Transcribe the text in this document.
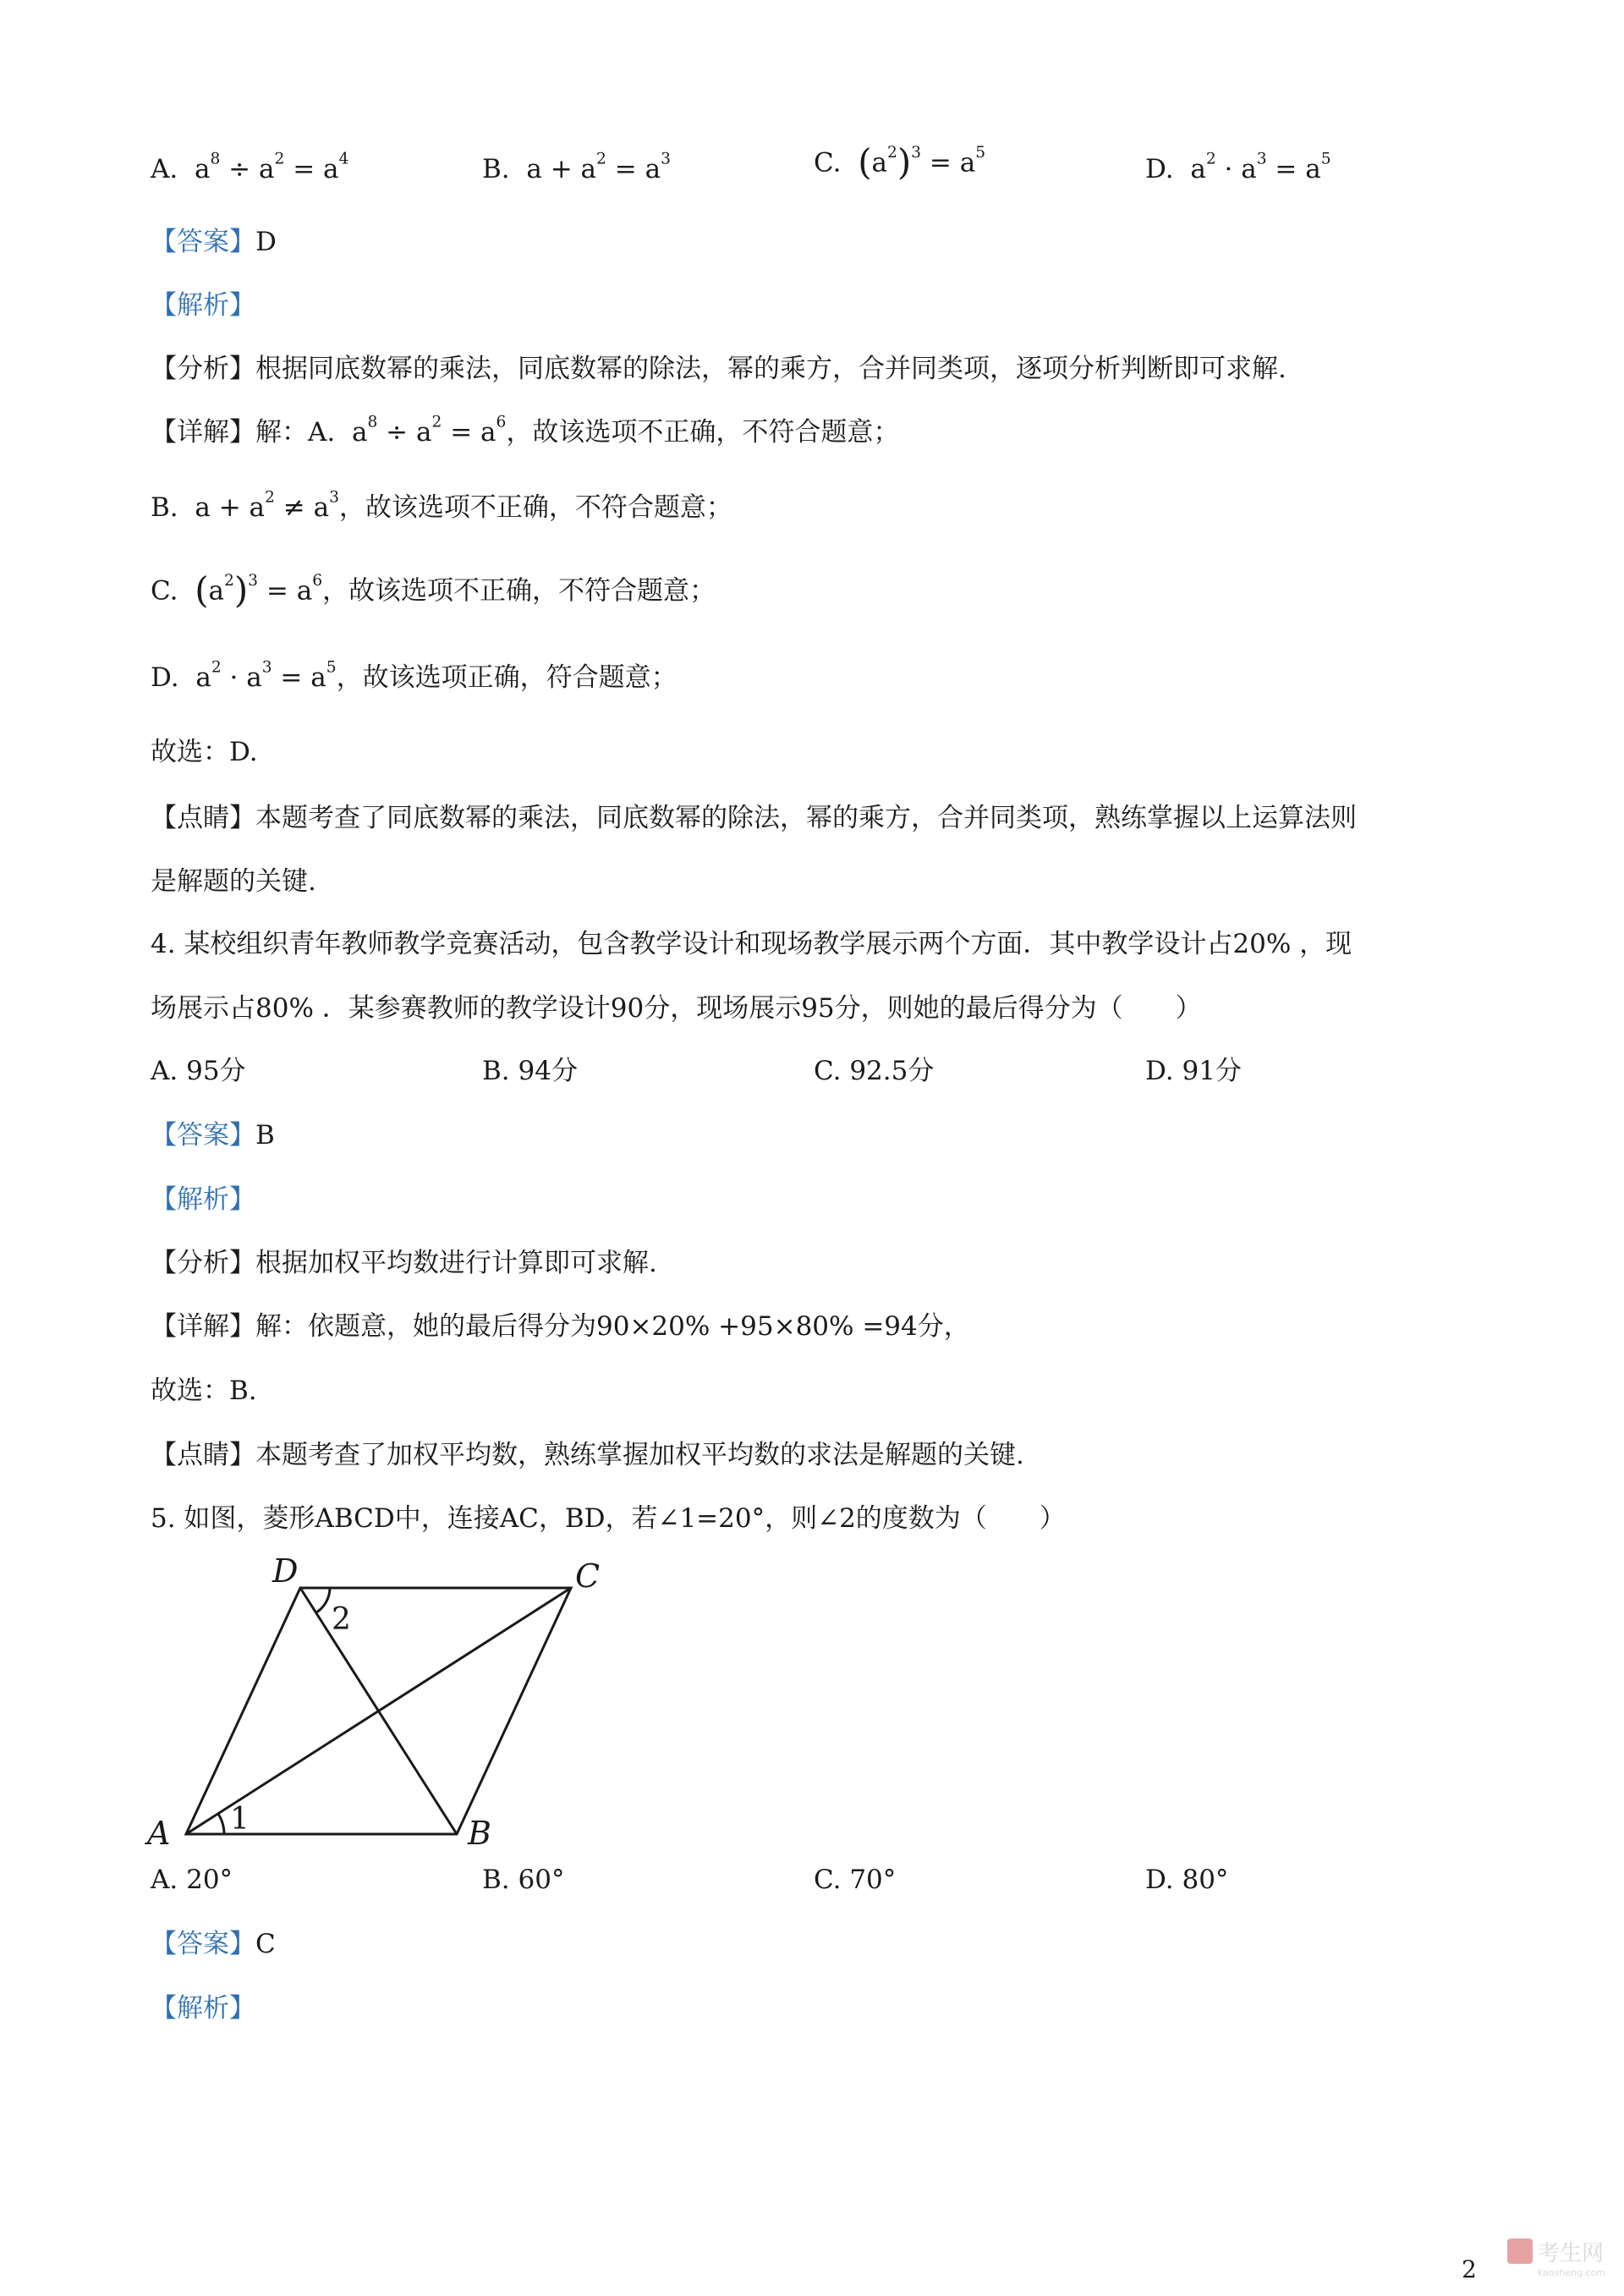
A. $a^8 \div a^2 = a^4$	B. $a + a^2 = a^3$	C. $(a^2)^3 = a^5$
D. $a^2 \cdot a^3 = a^5$
【答案】D
【解析】
【分析】根据同底数幂的乘法，同底数幂的除法，幂的乘方，合并同类项，逐项分析判断即可求解.
【详解】解：A. $a^8 \div a^2 = a^6$，故该选项不正确，不符合题意；
B. $a + a^2 \ne a^3$，故该选项不正确，不符合题意；
C. $(a^2)^3 = a^6$，故该选项不正确，不符合题意；
D. $a^2 \cdot a^3 = a^5$，故该选项正确，符合题意；
故选：D.
【点睛】本题考查了同底数幂的乘法，同底数幂的除法，幂的乘方，合并同类项，熟练掌握以上运算法则
是解题的关键.
4. 某校组织青年教师教学竞赛活动，包含教学设计和现场教学展示两个方面．其中教学设计占20% ，现
场展示占80% ．某参赛教师的教学设计90分，现场展示95分，则她的最后得分为（　　）
A. 95分	B. 94分	C. 92.5分	D. 91分
【答案】B
【解析】
【分析】根据加权平均数进行计算即可求解.
【详解】解：依题意，她的最后得分为90×20% +95×80% =94分，
故选：B.
【点睛】本题考查了加权平均数，熟练掌握加权平均数的求法是解题的关键.
5. 如图，菱形ABCD中，连接AC，BD，若∠1=20°，则∠2的度数为（　　）
A	B
C
D
1
2
A. 20°	B. 60°	C. 70°	D. 80°
【答案】C
【解析】
2
考生网
kaosheng.com
